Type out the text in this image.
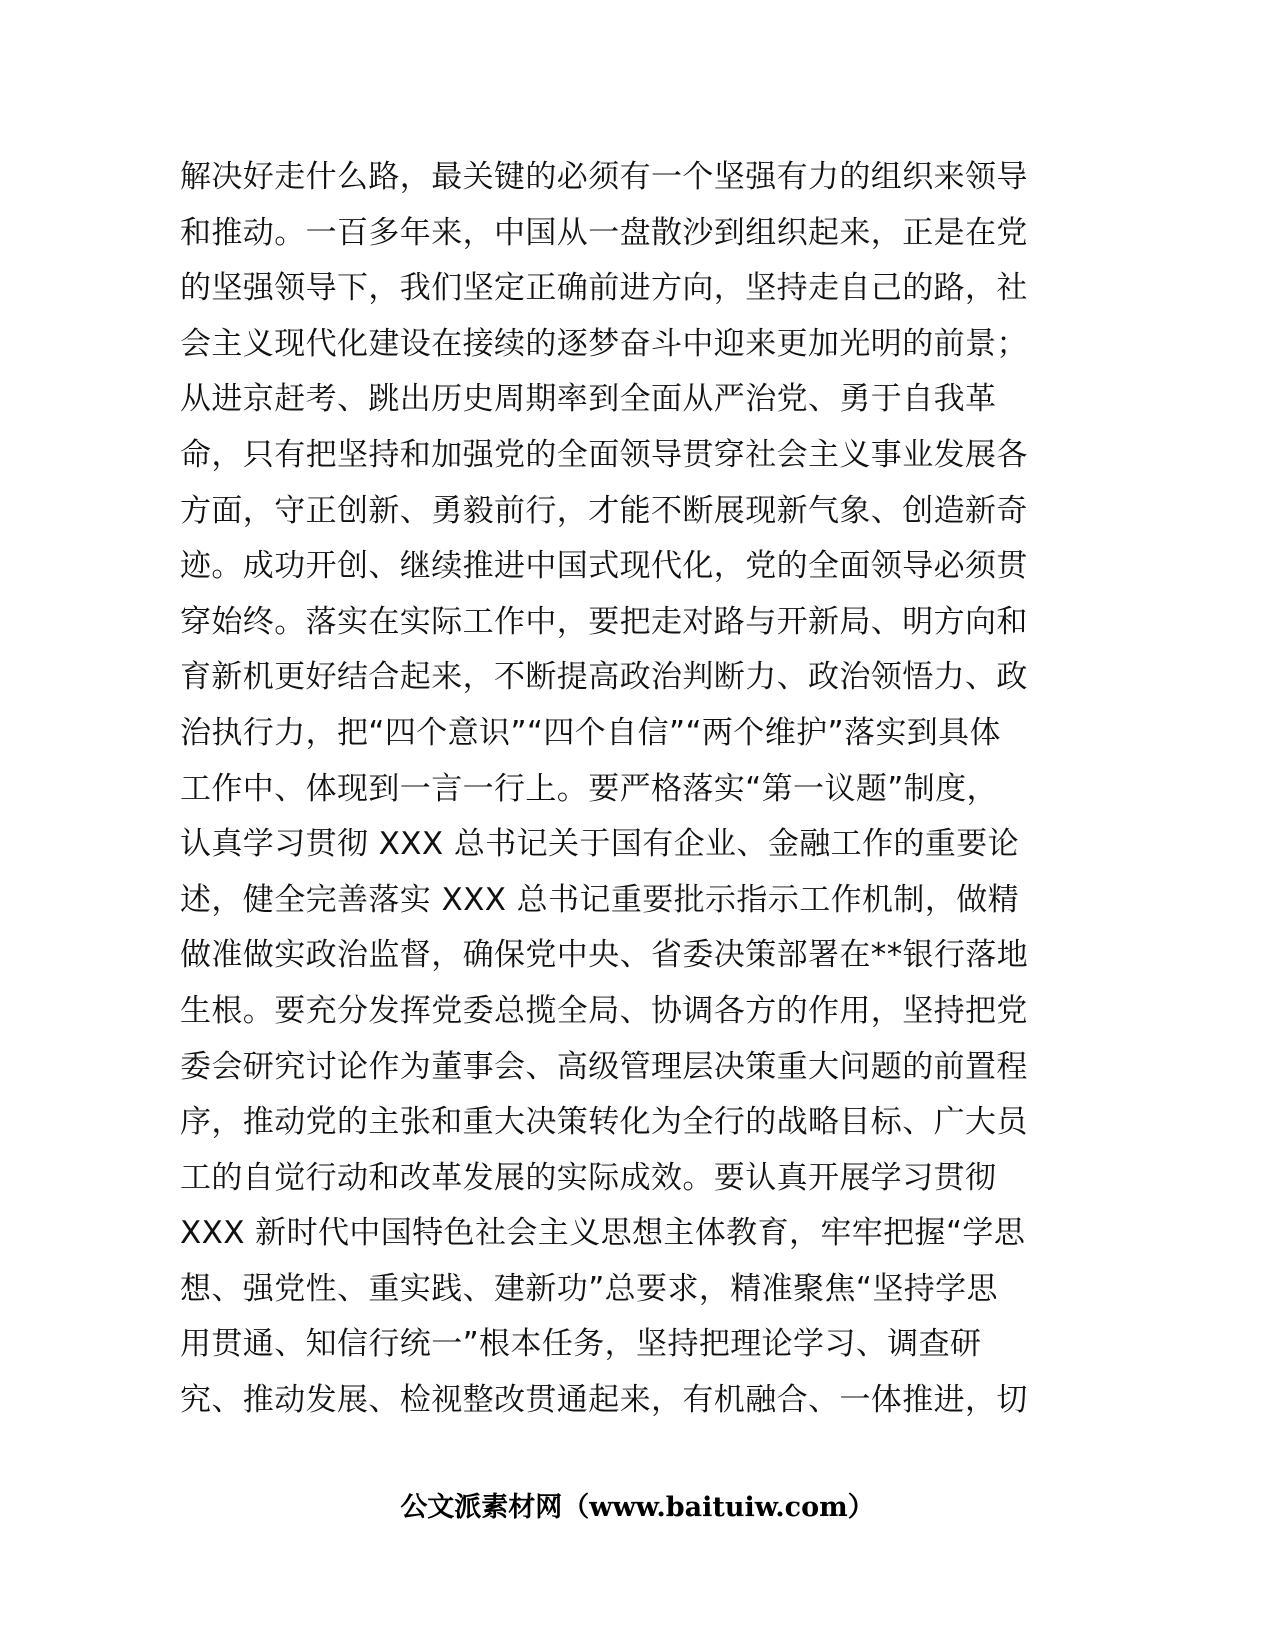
解决好走什么路，最关键的必须有一个坚强有力的组织来领导
和推动。一百多年来，中国从一盘散沙到组织起来，正是在党
的坚强领导下，我们坚定正确前进方向，坚持走自己的路，社
会主义现代化建设在接续的逐梦奋斗中迎来更加光明的前景；
从进京赶考、跳出历史周期率到全面从严治党、勇于自我革
命，只有把坚持和加强党的全面领导贯穿社会主义事业发展各
方面，守正创新、勇毅前行，才能不断展现新气象、创造新奇
迹。成功开创、继续推进中国式现代化，党的全面领导必须贯
穿始终。落实在实际工作中，要把走对路与开新局、明方向和
育新机更好结合起来，不断提高政治判断力、政治领悟力、政
治执行力，把“四个意识”“四个自信”“两个维护”落实到具体
工作中、体现到一言一行上。要严格落实“第一议题”制度，
认真学习贯彻 XXX 总书记关于国有企业、金融工作的重要论
述，健全完善落实 XXX 总书记重要批示指示工作机制，做精
做准做实政治监督，确保党中央、省委决策部署在**银行落地
生根。要充分发挥党委总揽全局、协调各方的作用，坚持把党
委会研究讨论作为董事会、高级管理层决策重大问题的前置程
序，推动党的主张和重大决策转化为全行的战略目标、广大员
工的自觉行动和改革发展的实际成效。要认真开展学习贯彻
XXX 新时代中国特色社会主义思想主体教育，牢牢把握“学思
想、强党性、重实践、建新功”总要求，精准聚焦“坚持学思
用贯通、知信行统一”根本任务，坚持把理论学习、调查研
究、推动发展、检视整改贯通起来，有机融合、一体推进，切
公文派素材网（www.baituiw.com）
